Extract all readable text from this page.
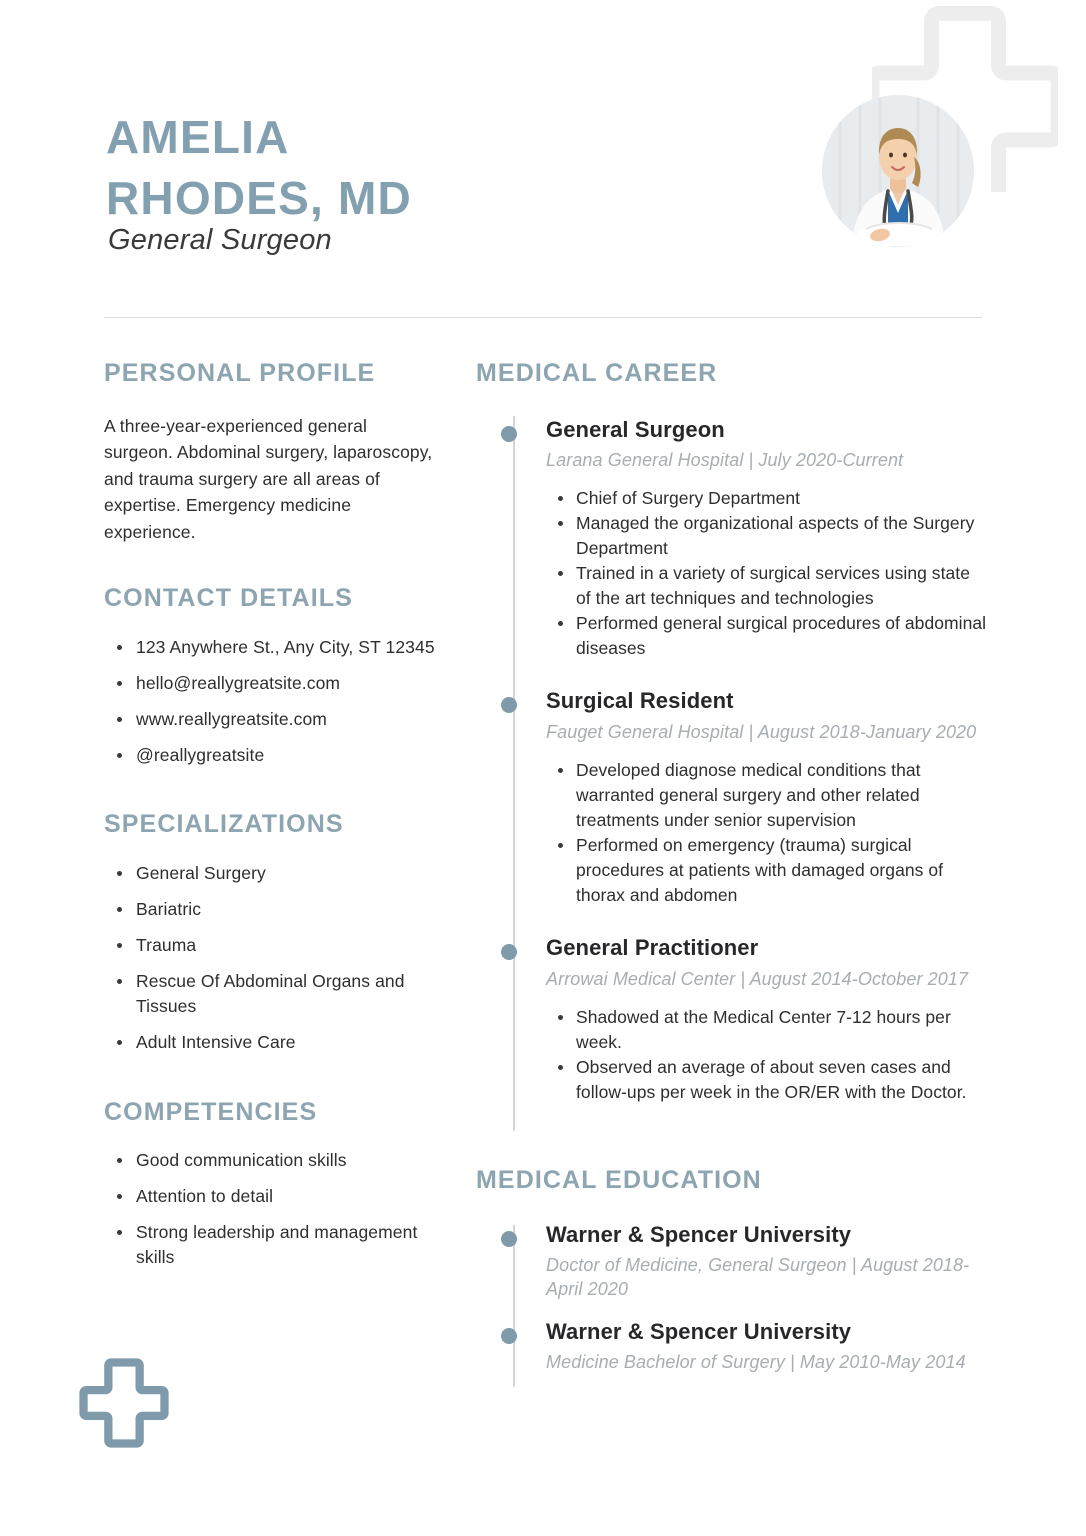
AMELIA
RHODES, MD
General Surgeon
PERSONAL PROFILE

A three-year-experienced general surgeon. Abdominal surgery, laparoscopy, and trauma surgery are all areas of expertise. Emergency medicine experience.

CONTACT DETAILS
123 Anywhere St., Any City, ST 12345
hello@reallygreatsite.com
www.reallygreatsite.com
@reallygreatsite
SPECIALIZATIONS
General Surgery
Bariatric
Trauma
Rescue Of Abdominal Organs and Tissues
Adult Intensive Care
COMPETENCIES
Good communication skills
Attention to detail
Strong leadership and management skills
MEDICAL CAREER
General Surgeon
Larana General Hospital | July 2020-Current
Chief of Surgery Department
Managed the organizational aspects of the Surgery Department
Trained in a variety of surgical services using state of the art techniques and technologies
Performed general surgical procedures of abdominal diseases
Surgical Resident
Fauget General Hospital | August 2018-January 2020
Developed diagnose medical conditions that warranted general surgery and other related treatments under senior supervision
Performed on emergency (trauma) surgical procedures at patients with damaged organs of thorax and abdomen
General Practitioner
Arrowai Medical Center | August 2014-October 2017
Shadowed at the Medical Center 7-12 hours per week.
Observed an average of about seven cases and follow-ups per week in the OR/ER with the Doctor.
MEDICAL EDUCATION
Warner & Spencer University
Doctor of Medicine, General Surgeon | August 2018-April 2020
Warner & Spencer University
Medicine Bachelor of Surgery | May 2010-May 2014
